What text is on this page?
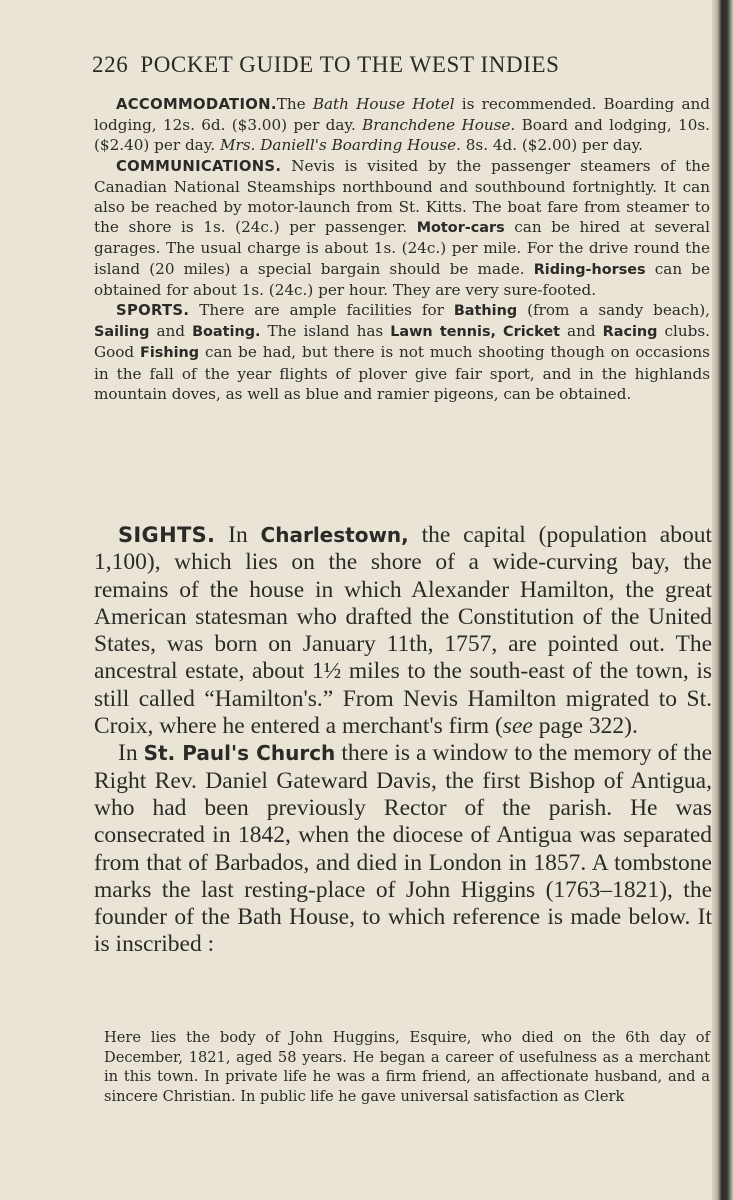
226 POCKET GUIDE TO THE WEST INDIES

ACCOMMODATION.The Bath House Hotel is recommended. Boarding and lodging, 12s. 6d. ($3.00) per day. Branchdene House. Board and lodging, 10s. ($2.40) per day. Mrs. Daniell's Boarding House. 8s. 4d. ($2.00) per day.

COMMUNICATIONS. Nevis is visited by the passenger steamers of the Canadian National Steamships northbound and southbound fortnightly. It can also be reached by motor-launch from St. Kitts. The boat fare from steamer to the shore is 1s. (24c.) per passenger. Motor-cars can be hired at several garages. The usual charge is about 1s. (24c.) per mile. For the drive round the island (20 miles) a special bargain should be made. Riding-horses can be obtained for about 1s. (24c.) per hour. They are very sure-footed.

SPORTS. There are ample facilities for Bathing (from a sandy beach), Sailing and Boating. The island has Lawn tennis, Cricket and Racing clubs. Good Fishing can be had, but there is not much shooting though on occasions in the fall of the year flights of plover give fair sport, and in the highlands mountain doves, as well as blue and ramier pigeons, can be obtained.

SIGHTS. In Charlestown, the capital (population about 1,100), which lies on the shore of a wide-curving bay, the remains of the house in which Alexander Hamilton, the great American statesman who drafted the Constitution of the United States, was born on January 11th, 1757, are pointed out. The ancestral estate, about 1½ miles to the south-east of the town, is still called “Hamilton's.” From Nevis Hamilton migrated to St. Croix, where he entered a merchant's firm (see page 322).

In St. Paul's Church there is a window to the memory of the Right Rev. Daniel Gateward Davis, the first Bishop of Antigua, who had been previously Rector of the parish. He was consecrated in 1842, when the diocese of Antigua was separated from that of Barbados, and died in London in 1857. A tombstone marks the last resting-place of John Higgins (1763–1821), the founder of the Bath House, to which reference is made below. It is inscribed :

Here lies the body of John Huggins, Esquire, who died on the 6th day of December, 1821, aged 58 years. He began a career of usefulness as a merchant in this town. In private life he was a firm friend, an affectionate husband, and a sincere Christian. In public life he gave universal satisfaction as Clerk
